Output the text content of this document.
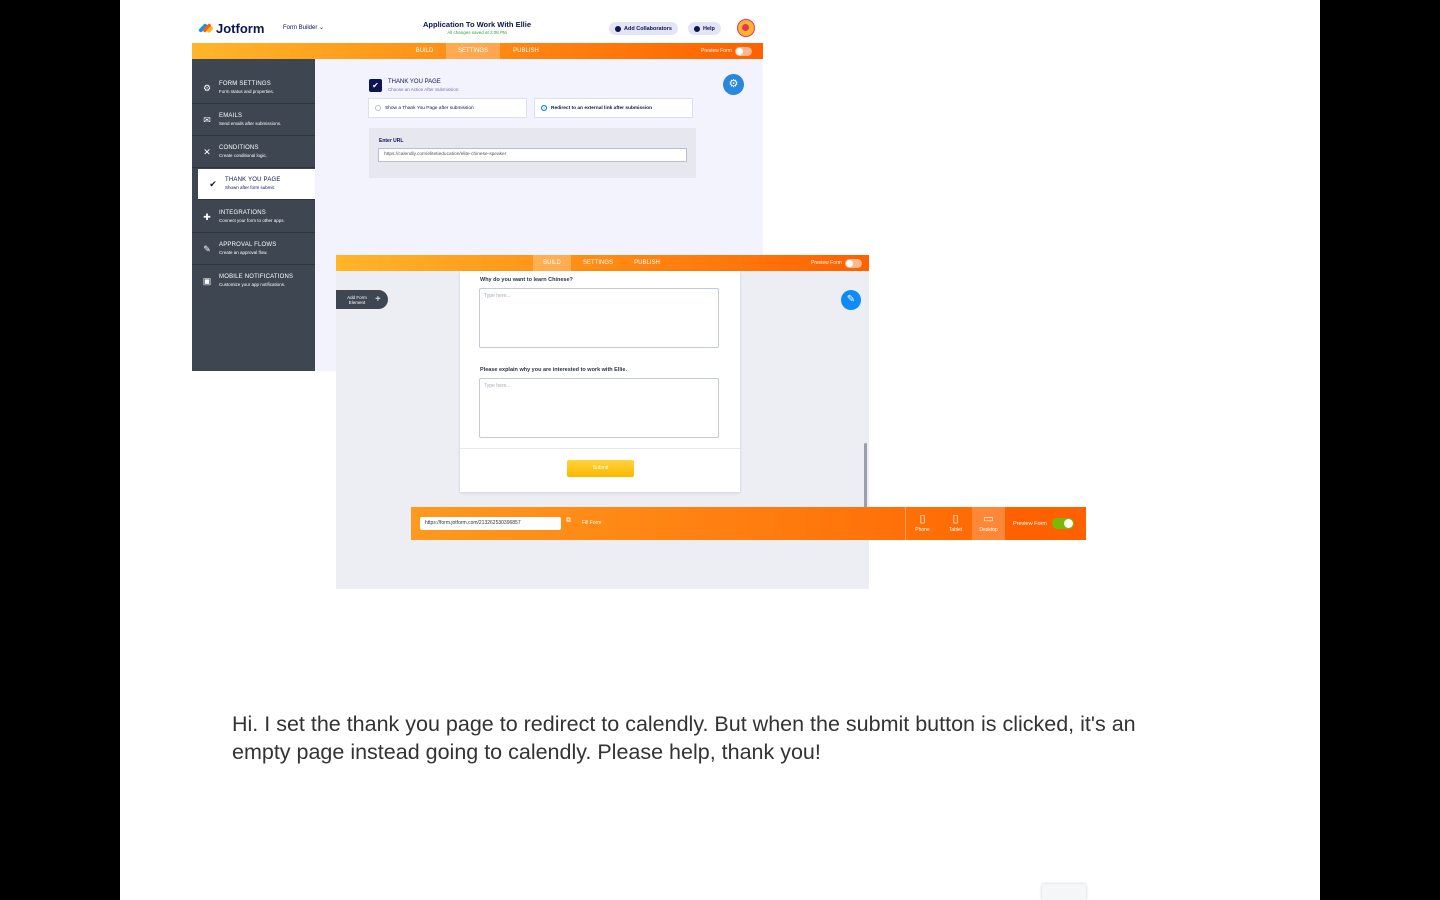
Jotform	Form Builder ⌄	Application To Work With Ellie
All changes saved at 2:08 PM
Add Collaborators	Help
BUILD	SETTINGS	PUBLISH	Preview Form
⚙ FORM SETTINGS
Form status and properties.
✉ EMAILS
Send emails after submissions.
✕ CONDITIONS
Create conditional logic.
✔ THANK YOU PAGE
Shown after form submit.
✚ INTEGRATIONS
Connect your form to other apps.
✎ APPROVAL FLOWS
Create an approval flow.
▣ MOBILE NOTIFICATIONS
Customize your app notifications.
✔	THANK YOU PAGE
Choose an Action After Submission:
Show a Thank You Page after submission	Redirect to an external link after submission
Enter URL
https://calendly.com/elitetieducation/elite-chinese-speaker
⚙
BUILD	SETTINGS	PUBLISH	Preview Form
Add Form Element +	✎
Why do you want to learn Chinese?
Type here...
Please explain why you are interested to work with Ellie.
Type here...
Submit
https://form.jotform.com/213262530396857	⧉ Fill Form	▯
Phone
▯
Tablet
▭
Desktop
Preview Form
Hi. I set the thank you page to redirect to calendly. But when the submit button is clicked, it's an empty page instead going to calendly. Please help, thank you!
